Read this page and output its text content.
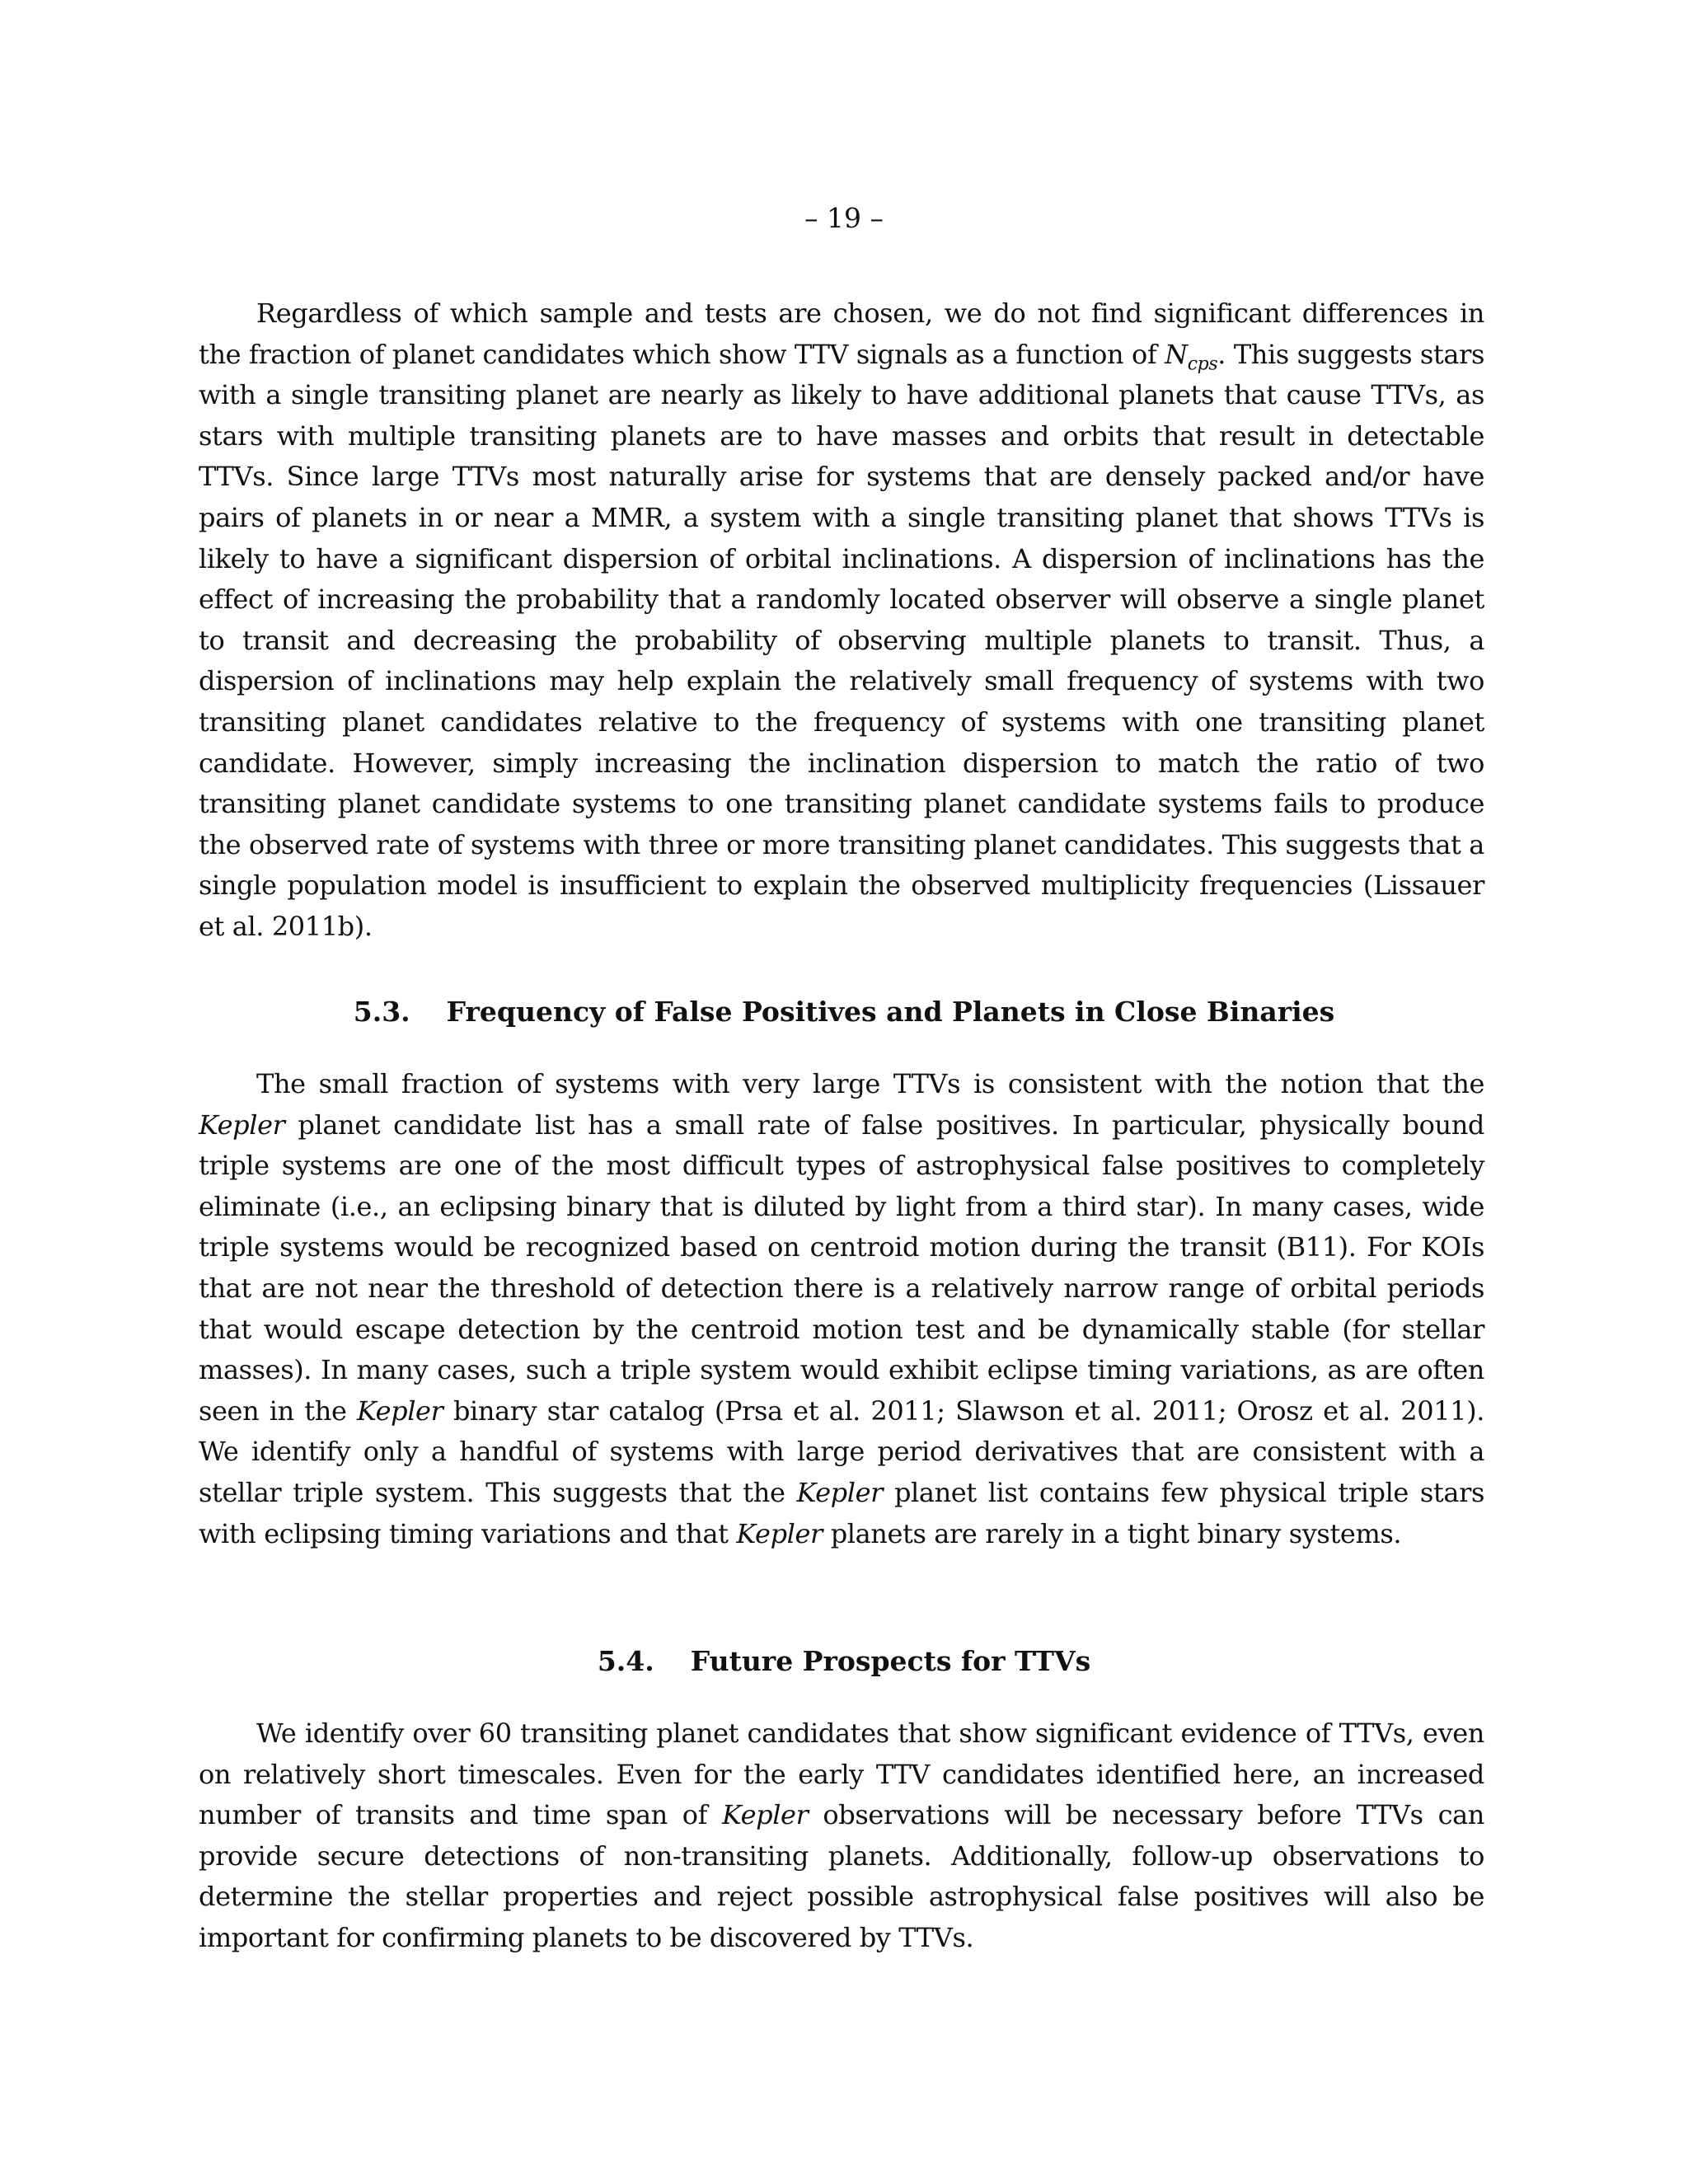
– 19 –

Regardless of which sample and tests are chosen, we do not find significant differences in the fraction of planet candidates which show TTV signals as a function of $N_{cps}$. This suggests stars with a single transiting planet are nearly as likely to have additional planets that cause TTVs, as stars with multiple transiting planets are to have masses and orbits that result in detectable TTVs. Since large TTVs most naturally arise for systems that are densely packed and/or have pairs of planets in or near a MMR, a system with a single transiting planet that shows TTVs is likely to have a significant dispersion of orbital inclinations. A dispersion of inclinations has the effect of increasing the probability that a randomly located observer will observe a single planet to transit and decreasing the probability of observing multiple planets to transit. Thus, a dispersion of inclinations may help explain the relatively small frequency of systems with two transiting planet candidates relative to the frequency of systems with one transiting planet candidate. However, simply increasing the inclination dispersion to match the ratio of two transiting planet candidate systems to one transiting planet candidate systems fails to produce the observed rate of systems with three or more transiting planet candidates. This suggests that a single population model is insufficient to explain the observed multiplicity frequencies (Lissauer et al. 2011b).

5.3. Frequency of False Positives and Planets in Close Binaries

The small fraction of systems with very large TTVs is consistent with the notion that the Kepler planet candidate list has a small rate of false positives. In particular, physically bound triple systems are one of the most difficult types of astrophysical false positives to completely eliminate (i.e., an eclipsing binary that is diluted by light from a third star). In many cases, wide triple systems would be recognized based on centroid motion during the transit (B11). For KOIs that are not near the threshold of detection there is a relatively narrow range of orbital periods that would escape detection by the centroid motion test and be dynamically stable (for stellar masses). In many cases, such a triple system would exhibit eclipse timing variations, as are often seen in the Kepler binary star catalog (Prsa et al. 2011; Slawson et al. 2011; Orosz et al. 2011). We identify only a handful of systems with large period derivatives that are consistent with a stellar triple system. This suggests that the Kepler planet list contains few physical triple stars with eclipsing timing variations and that Kepler planets are rarely in a tight binary systems.

5.4. Future Prospects for TTVs

We identify over 60 transiting planet candidates that show significant evidence of TTVs, even on relatively short timescales. Even for the early TTV candidates identified here, an increased number of transits and time span of Kepler observations will be necessary before TTVs can provide secure detections of non-transiting planets. Additionally, follow-up observations to determine the stellar properties and reject possible astrophysical false positives will also be important for confirming planets to be discovered by TTVs.
